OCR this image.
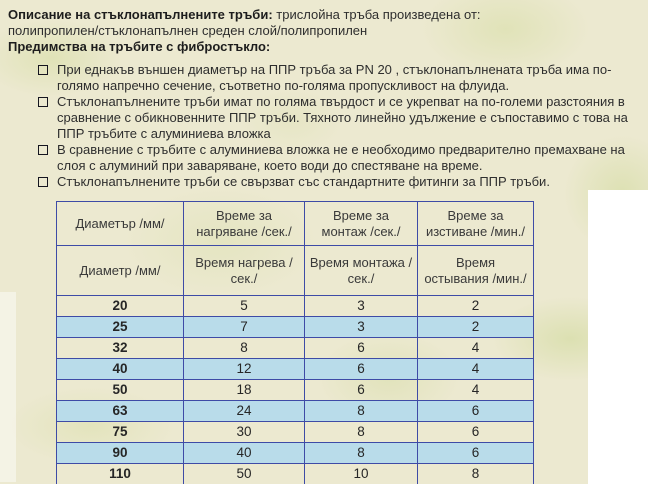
Описание на стъклонапълнените тръби: трислойна тръба произведена от:
полипропилен/стъклонапълнен среден слой/полипропилен

Предимства на тръбите с фибростъкло:

При еднакъв външен диаметър на ППР тръба за PN 20 , стъклонапълнената тръба има по-голямо напречно сечение, съответно по-голяма пропускливост на флуида.
Стъклонапълнените тръби имат по голяма твърдост и се укрепват на по-големи разстояния в сравнение с обикновенните ППР тръби. Тяхното линейно удължение е съпоставимо с това на ППР тръбите с алуминиева вложка
В сравнение с тръбите с алуминиева вложка не е необходимо предварително премахване на слоя с алуминий при заваряване, което води до спестяване на време.
Стъклонапълнените тръби се свързват със стандартните фитинги за ППР тръби.
Диаметър /мм/	Време за нагряване /сек./	Време за монтаж /сек./	Време за изстиване /мин./
Диаметр /мм/	Время нагрева /сек./	Время монтажа /сек./	Время остывания /мин./
20	5	3	2
25	7	3	2
32	8	6	4
40	12	6	4
50	18	6	4
63	24	8	6
75	30	8	6
90	40	8	6
110	50	10	8
